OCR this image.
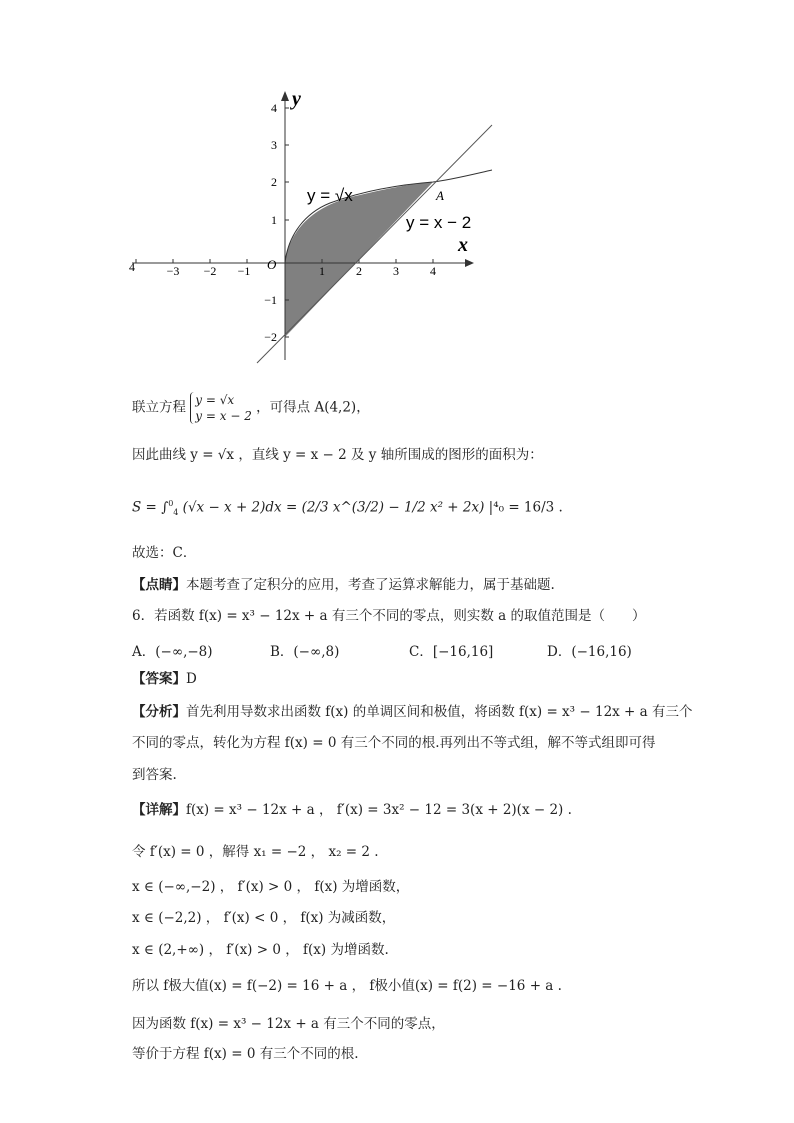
4	−3 −2 −1	1	2	3	4
4
3
2
1
−1
−2
O
y
x
y = √x
y = x − 2
A
联立方程 y = √x
y = x − 2
，可得点 A(4,2)，
因此曲线 y = √x ，直线 y = x − 2 及 y 轴所围成的图形的面积为：
S = ∫$^0_4$ (√x − x + 2)dx = (2/3 x^(3/2) − 1/2 x² + 2x) |⁴₀ = 16/3 .
故选：C．
【点睛】本题考查了定积分的应用，考查了运算求解能力，属于基础题.
6．若函数 f(x) = x³ − 12x + a 有三个不同的零点，则实数 a 的取值范围是（　　）
A．(−∞,−8)	B．(−∞,8)	C．[−16,16]	D．(−16,16)
【答案】D
【分析】首先利用导数求出函数 f(x) 的单调区间和极值，将函数 f(x) = x³ − 12x + a 有三个
不同的零点，转化为方程 f(x) = 0 有三个不同的根.再列出不等式组，解不等式组即可得
到答案.
【详解】f(x) = x³ − 12x + a ， f′(x) = 3x² − 12 = 3(x + 2)(x − 2) .
令 f′(x) = 0 ，解得 x₁ = −2 ， x₂ = 2 .
x ∈ (−∞,−2) ， f′(x) > 0 ， f(x) 为增函数，
x ∈ (−2,2) ， f′(x) < 0 ， f(x) 为减函数，
x ∈ (2,+∞) ， f′(x) > 0 ， f(x) 为增函数.
所以 f极大值(x) = f(−2) = 16 + a ， f极小值(x) = f(2) = −16 + a .
因为函数 f(x) = x³ − 12x + a 有三个不同的零点，
等价于方程 f(x) = 0 有三个不同的根.
